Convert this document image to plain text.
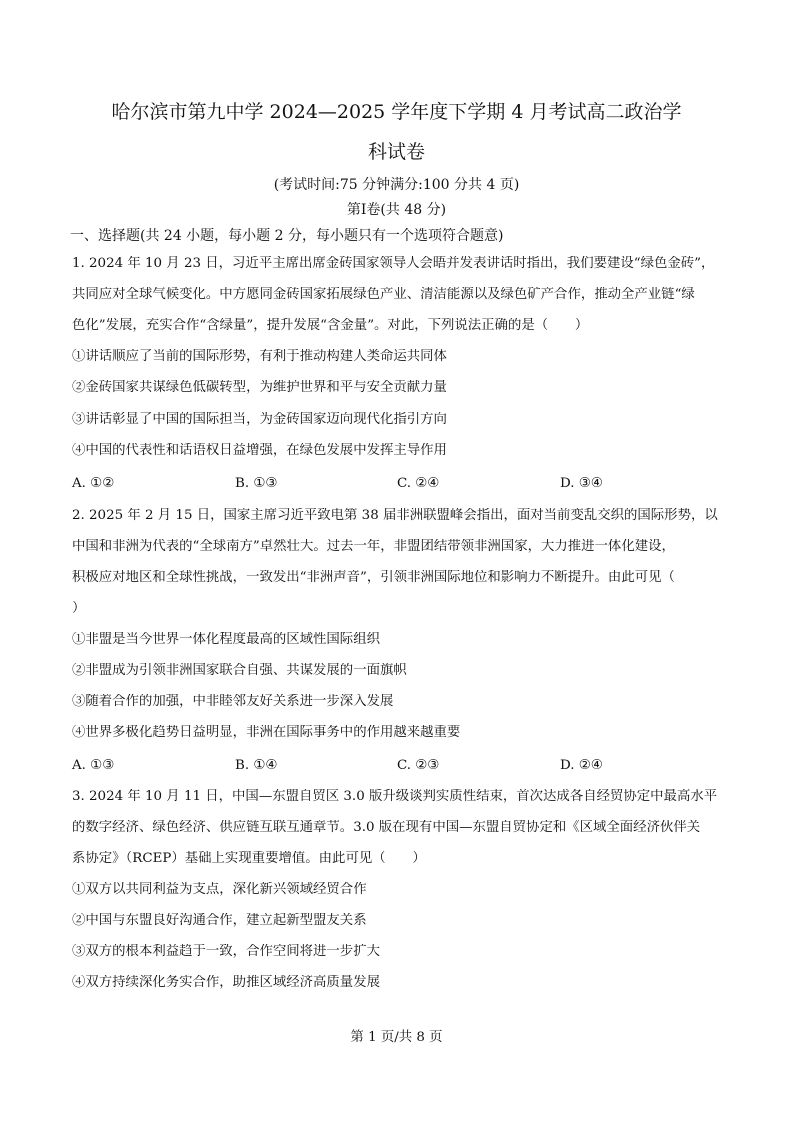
哈尔滨市第九中学 2024—2025 学年度下学期 4 月考试高二政治学
科试卷
(考试时间:75 分钟满分:100 分共 4 页)
第Ⅰ卷(共 48 分)
一、选择题(共 24 小题，每小题 2 分，每小题只有一个选项符合题意)
1. 2024 年 10 月 23 日，习近平主席出席金砖国家领导人会晤并发表讲话时指出，我们要建设“绿色金砖”，
共同应对全球气候变化。中方愿同金砖国家拓展绿色产业、清洁能源以及绿色矿产合作，推动全产业链“绿
色化”发展，充实合作“含绿量”，提升发展“含金量”。对此，下列说法正确的是（　　）
①讲话顺应了当前的国际形势，有利于推动构建人类命运共同体
②金砖国家共谋绿色低碳转型，为维护世界和平与安全贡献力量
③讲话彰显了中国的国际担当，为金砖国家迈向现代化指引方向
④中国的代表性和话语权日益增强，在绿色发展中发挥主导作用
A. ①②	B. ①③	C. ②④	D. ③④
2. 2025 年 2 月 15 日，国家主席习近平致电第 38 届非洲联盟峰会指出，面对当前变乱交织的国际形势，以
中国和非洲为代表的“全球南方”卓然壮大。过去一年，非盟团结带领非洲国家，大力推进一体化建设，
积极应对地区和全球性挑战，一致发出“非洲声音”，引领非洲国际地位和影响力不断提升。由此可见（
）
①非盟是当今世界一体化程度最高的区域性国际组织
②非盟成为引领非洲国家联合自强、共谋发展的一面旗帜
③随着合作的加强，中非睦邻友好关系进一步深入发展
④世界多极化趋势日益明显，非洲在国际事务中的作用越来越重要
A. ①③	B. ①④	C. ②③	D. ②④
3. 2024 年 10 月 11 日，中国—东盟自贸区 3.0 版升级谈判实质性结束，首次达成各自经贸协定中最高水平
的数字经济、绿色经济、供应链互联互通章节。3.0 版在现有中国—东盟自贸协定和《区域全面经济伙伴关
系协定》（RCEP）基础上实现重要增值。由此可见（　　）
①双方以共同利益为支点，深化新兴领域经贸合作
②中国与东盟良好沟通合作，建立起新型盟友关系
③双方的根本利益趋于一致，合作空间将进一步扩大
④双方持续深化务实合作，助推区域经济高质量发展
第 1 页/共 8 页
